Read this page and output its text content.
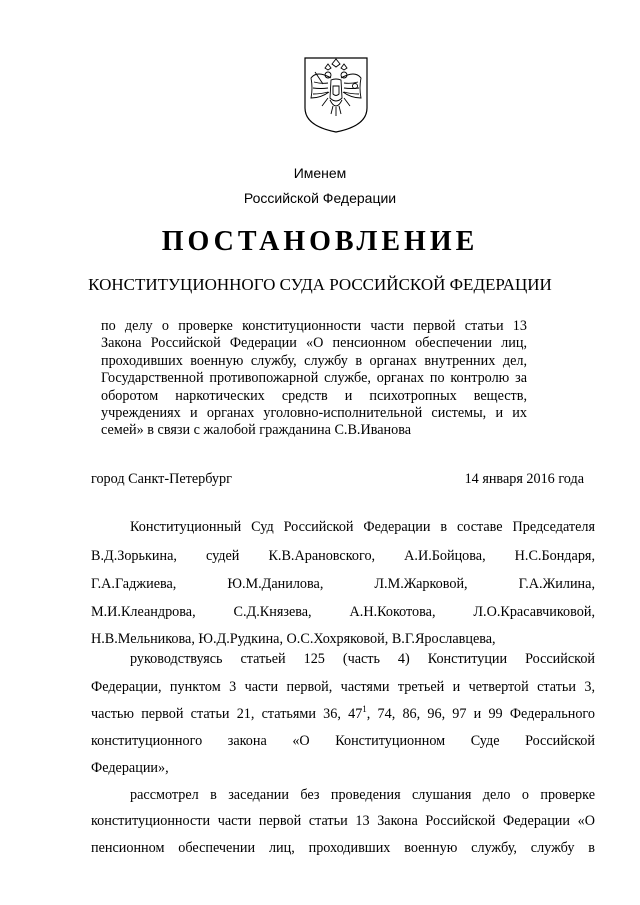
Именем
Российской Федерации
ПОСТАНОВЛЕНИЕ
КОНСТИТУЦИОННОГО СУДА РОССИЙСКОЙ ФЕДЕРАЦИИ
по делу о проверке конституционности части первой статьи 13
Закона Российской Федерации «О пенсионном обеспечении лиц,
проходивших военную службу, службу в органах внутренних дел,
Государственной противопожарной службе, органах по контролю за
оборотом наркотических средств и психотропных веществ,
учреждениях и органах уголовно-исполнительной системы, и их
семей» в связи с жалобой гражданина С.В.Иванова
город Санкт-Петербург	14 января 2016 года
Конституционный Суд Российской Федерации в составе Председателя
В.Д.Зорькина, судей К.В.Арановского, А.И.Бойцова, Н.С.Бондаря,
Г.А.Гаджиева, Ю.М.Данилова, Л.М.Жарковой, Г.А.Жилина,
М.И.Клеандрова, С.Д.Князева, А.Н.Кокотова, Л.О.Красавчиковой,
Н.В.Мельникова, Ю.Д.Рудкина, О.С.Хохряковой, В.Г.Ярославцева,
руководствуясь статьей 125 (часть 4) Конституции Российской
Федерации, пунктом 3 части первой, частями третьей и четвертой статьи 3,
частью первой статьи 21, статьями 36, $47^1$, 74, 86, 96, 97 и 99 Федерального
конституционного закона «О Конституционном Суде Российской
Федерации»,
рассмотрел в заседании без проведения слушания дело о проверке
конституционности части первой статьи 13 Закона Российской Федерации «О
пенсионном обеспечении лиц, проходивших военную службу, службу в
